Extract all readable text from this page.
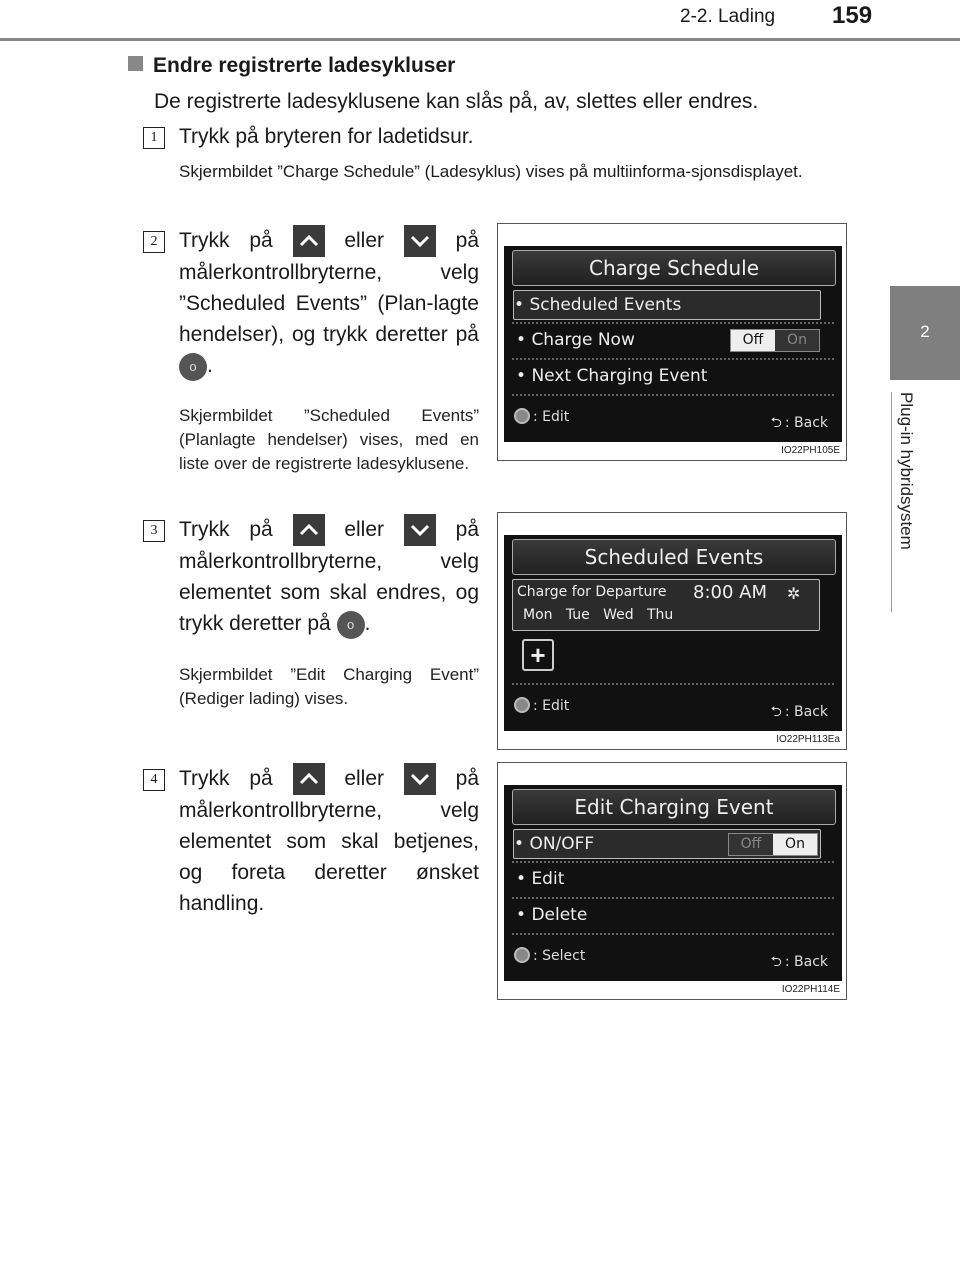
2-2. Lading 159
2
Plug-in hybridsystem
Endre registrerte ladesykluser
De registrerte ladesyklusene kan slås på, av, slettes eller endres.
1	Trykk på bryteren for ladetidsur.
Skjermbildet ”Charge Schedule” (Ladesyklus) vises på multiinforma-sjonsdisplayet.
2	Trykk på	eller	på målerkontrollbryterne, velg ”Scheduled Events” (Plan-lagte hendelser), og trykk deretter på o .
Skjermbildet ”Scheduled Events” (Planlagte hendelser) vises, med en liste over de registrerte ladesyklusene.
3	Trykk på	eller	på målerkontrollbryterne, velg elementet som skal endres, og trykk deretter på o .
Skjermbildet ”Edit Charging Event” (Rediger lading) vises.
4	Trykk på	eller	på målerkontrollbryterne, velg elementet som skal betjenes, og foreta deretter ønsket handling.
Charge Schedule
• Scheduled Events
• Charge Now	Off	On
• Next Charging Event
: Edit	⮌ : Back
IO22PH105E
Scheduled Events
Charge for Departure 8:00 AM ✲
Mon   Tue   Wed   Thu
+
: Edit	⮌ : Back
IO22PH113Ea
Edit Charging Event
• ON/OFF	Off	On
• Edit
• Delete
: Select	⮌ : Back
IO22PH114E
